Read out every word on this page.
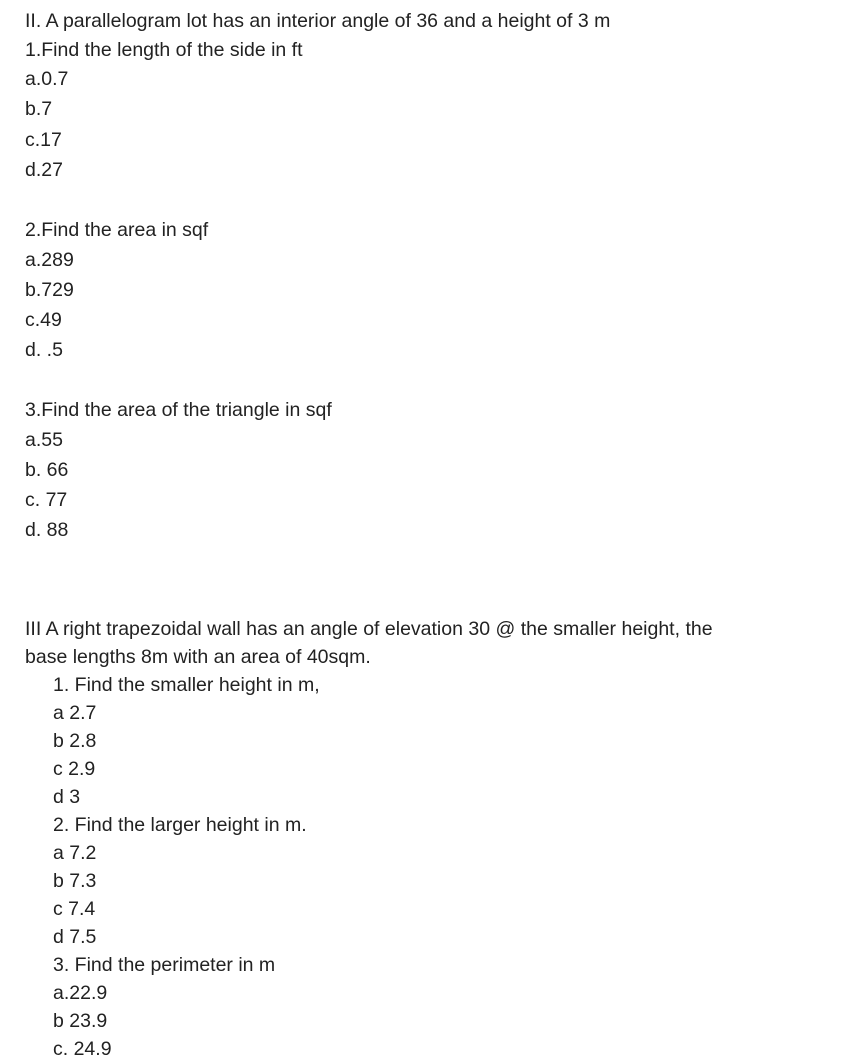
II. A parallelogram lot has an interior angle of 36 and a height of 3 m
1.Find the length of the side in ft
a.0.7
b.7
c.17
d.27
2.Find the area in sqf
a.289
b.729
c.49
d. .5
3.Find the area of the triangle in sqf
a.55
b. 66
c. 77
d. 88
III A right trapezoidal wall has an angle of elevation 30 @ the smaller height, the
base lengths 8m with an area of 40sqm.
1. Find the smaller height in m,
a 2.7
b 2.8
c 2.9
d 3
2. Find the larger height in m.
a 7.2
b 7.3
c 7.4
d 7.5
3. Find the perimeter in m
a.22.9
b 23.9
c. 24.9
